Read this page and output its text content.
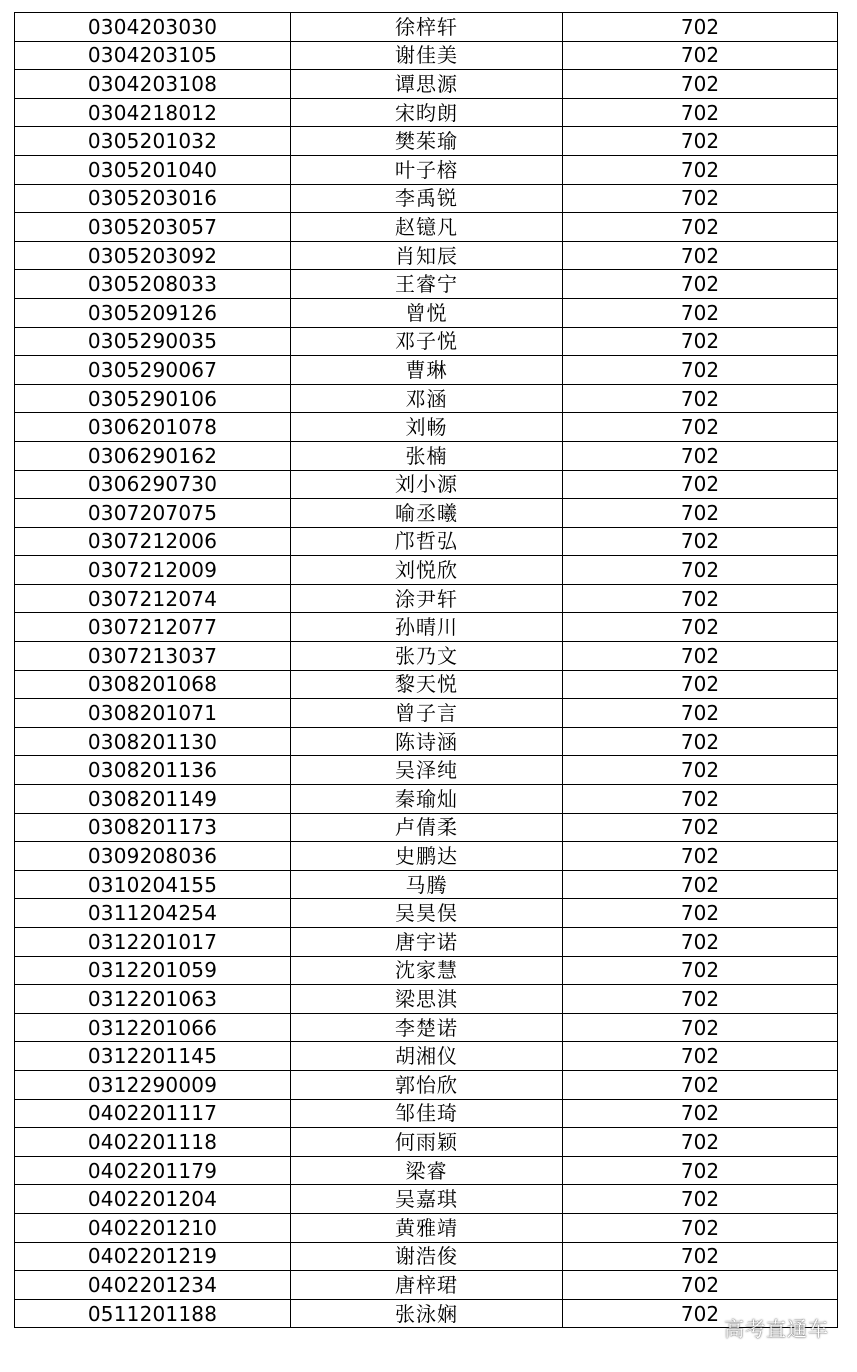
0304203030	徐梓轩	702
0304203105	谢佳美	702
0304203108	谭思源	702
0304218012	宋昀朗	702
0305201032	樊茱瑜	702
0305201040	叶子榕	702
0305203016	李禹锐	702
0305203057	赵镱凡	702
0305203092	肖知辰	702
0305208033	王睿宁	702
0305209126	曾悦	702
0305290035	邓子悦	702
0305290067	曹琳	702
0305290106	邓涵	702
0306201078	刘畅	702
0306290162	张楠	702
0306290730	刘小源	702
0307207075	喻丞曦	702
0307212006	邝哲弘	702
0307212009	刘悦欣	702
0307212074	涂尹轩	702
0307212077	孙晴川	702
0307213037	张乃文	702
0308201068	黎天悦	702
0308201071	曾子言	702
0308201130	陈诗涵	702
0308201136	吴泽纯	702
0308201149	秦瑜灿	702
0308201173	卢倩柔	702
0309208036	史鹏达	702
0310204155	马腾	702
0311204254	吴昊俣	702
0312201017	唐宇诺	702
0312201059	沈家慧	702
0312201063	梁思淇	702
0312201066	李楚诺	702
0312201145	胡湘仪	702
0312290009	郭怡欣	702
0402201117	邹佳琦	702
0402201118	何雨颖	702
0402201179	梁睿	702
0402201204	吴嘉琪	702
0402201210	黄雅靖	702
0402201219	谢浩俊	702
0402201234	唐梓珺	702
0511201188	张泳娴	702
高考直通车
